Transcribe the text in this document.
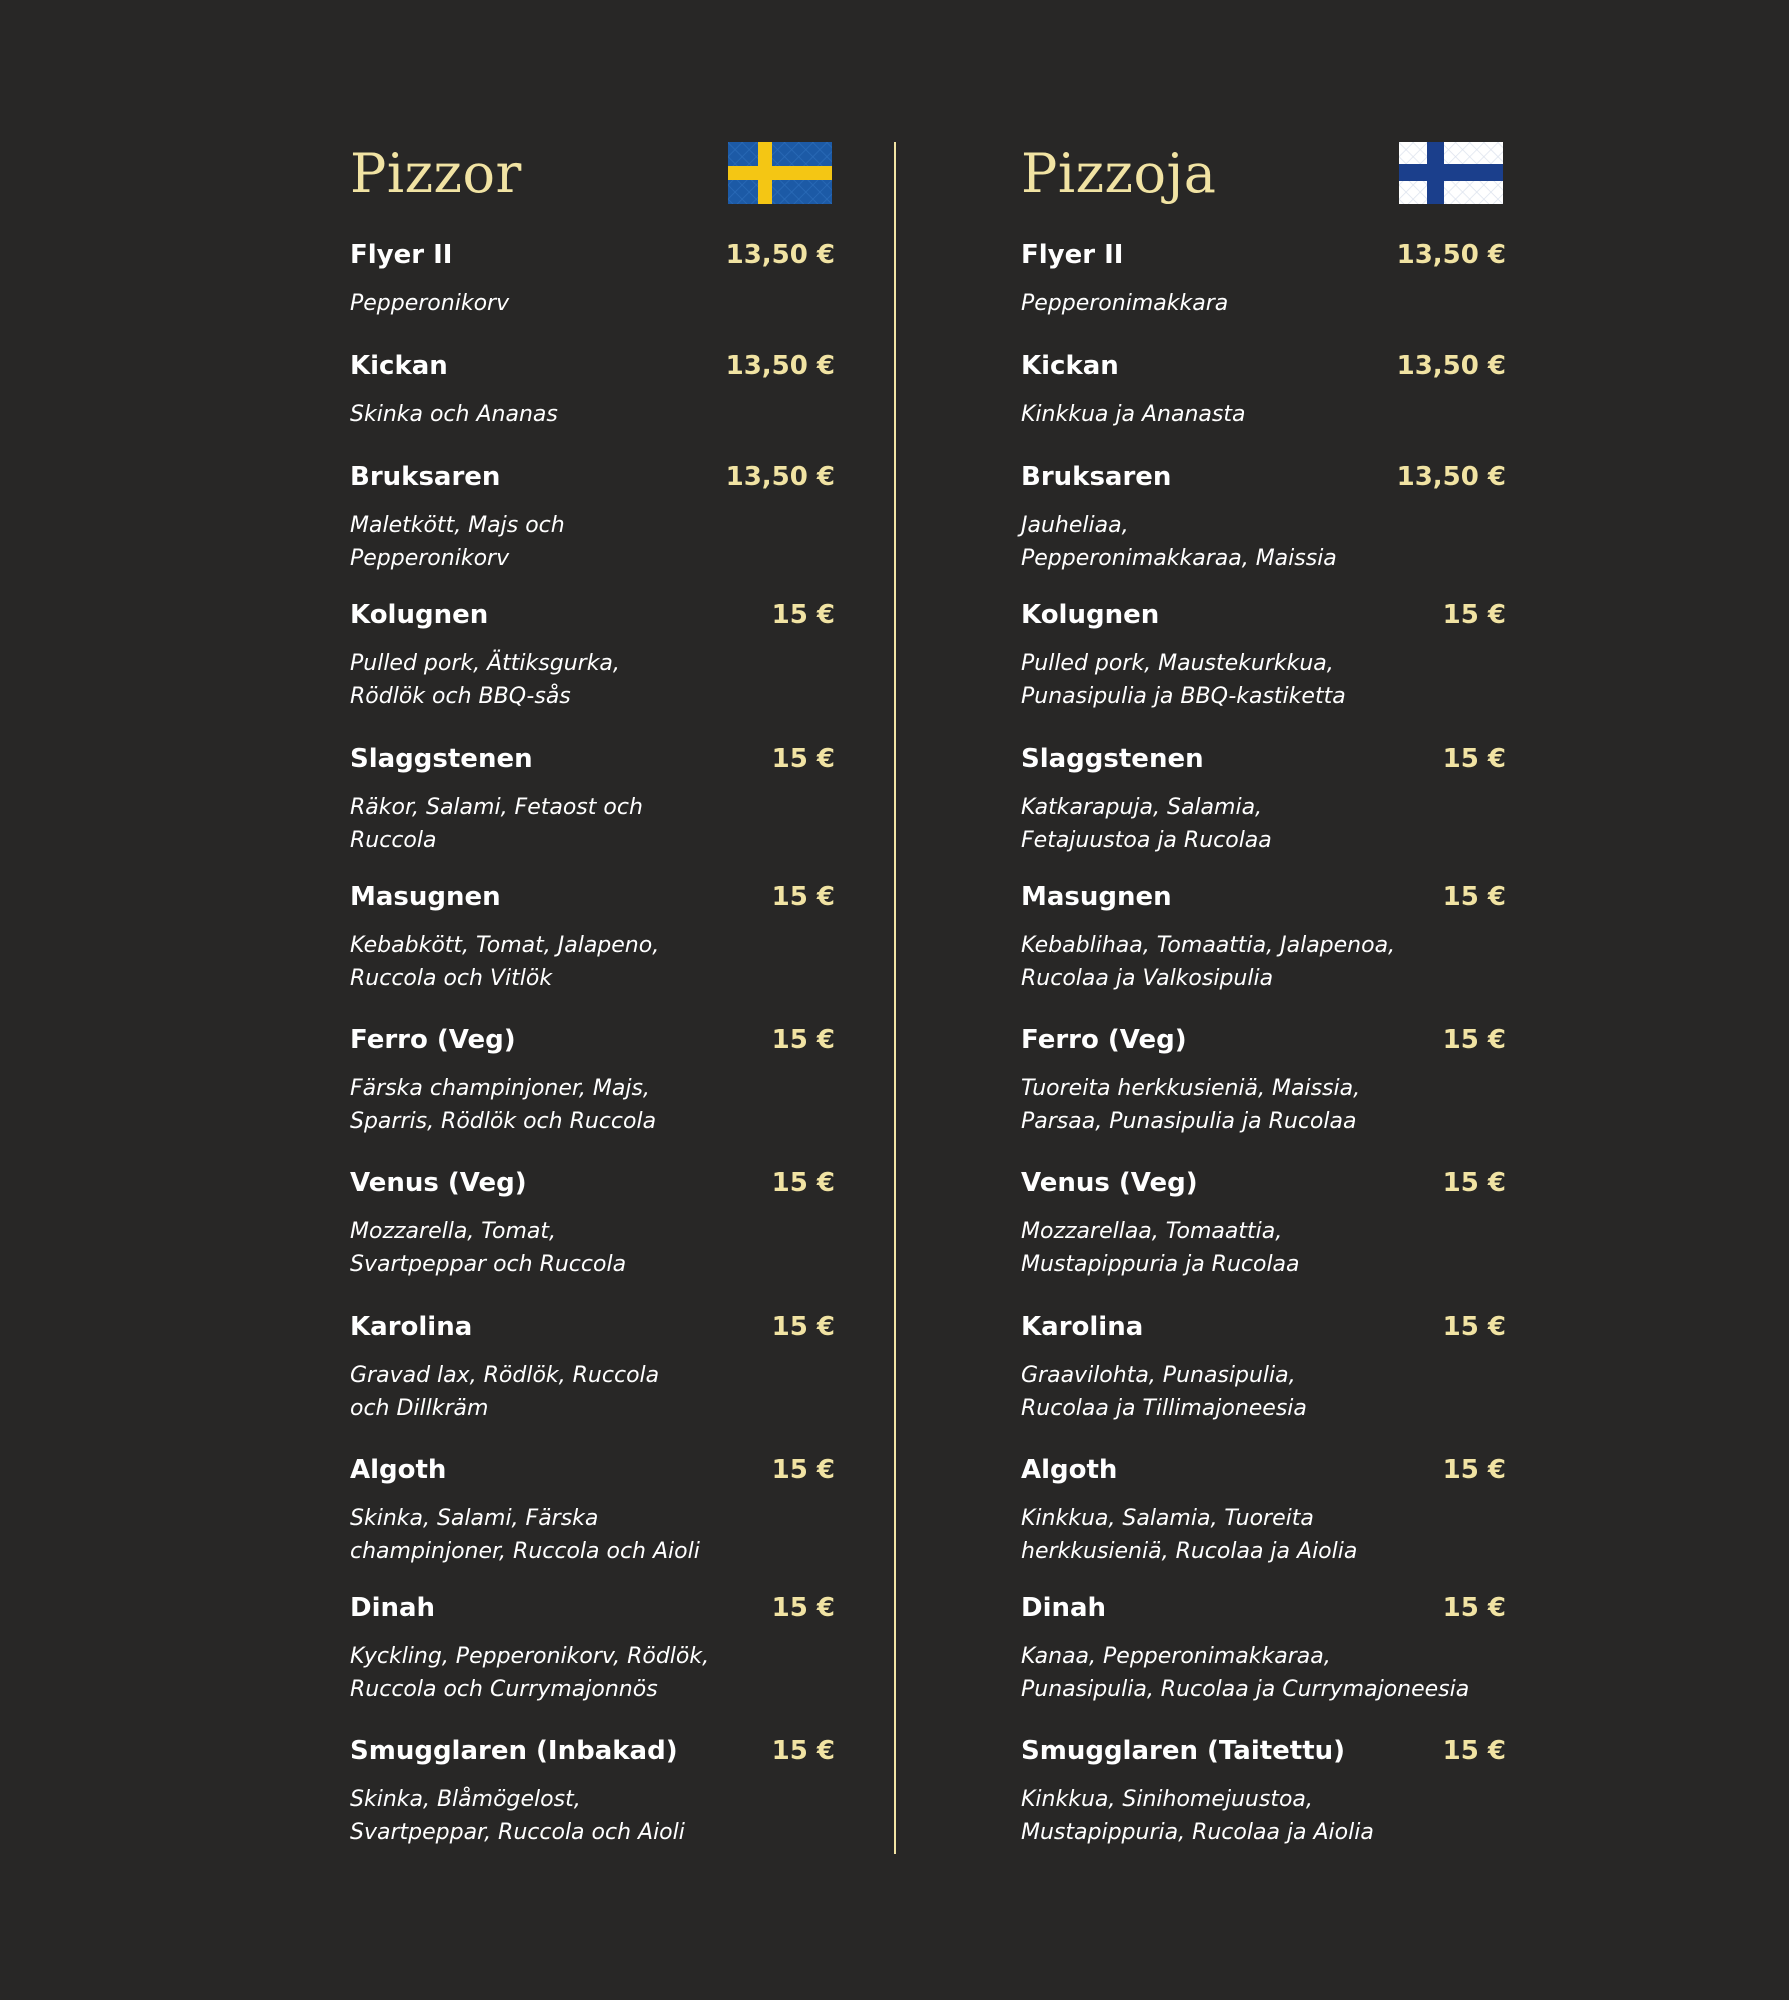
Pizzor
Flyer II	13,50 €
Pepperonikorv
Kickan	13,50 €
Skinka och Ananas
Bruksaren	13,50 €
Maletkött, Majs och
Pepperonikorv
Kolugnen	15 €
Pulled pork, Ättiksgurka,
Rödlök och BBQ-sås
Slaggstenen	15 €
Räkor, Salami, Fetaost och
Ruccola
Masugnen	15 €
Kebabkött, Tomat, Jalapeno,
Ruccola och Vitlök
Ferro (Veg)	15 €
Färska champinjoner, Majs,
Sparris, Rödlök och Ruccola
Venus (Veg)	15 €
Mozzarella, Tomat,
Svartpeppar och Ruccola
Karolina	15 €
Gravad lax, Rödlök, Ruccola
och Dillkräm
Algoth	15 €
Skinka, Salami, Färska
champinjoner, Ruccola och Aioli
Dinah	15 €
Kyckling, Pepperonikorv, Rödlök,
Ruccola och Currymajonnös
Smugglaren (Inbakad)	15 €
Skinka, Blåmögelost,
Svartpeppar, Ruccola och Aioli
Pizzoja
Flyer II	13,50 €
Pepperonimakkara
Kickan	13,50 €
Kinkkua ja Ananasta
Bruksaren	13,50 €
Jauheliaa,
Pepperonimakkaraa, Maissia
Kolugnen	15 €
Pulled pork, Maustekurkkua,
Punasipulia ja BBQ-kastiketta
Slaggstenen	15 €
Katkarapuja, Salamia,
Fetajuustoa ja Rucolaa
Masugnen	15 €
Kebablihaa, Tomaattia, Jalapenoa,
Rucolaa ja Valkosipulia
Ferro (Veg)	15 €
Tuoreita herkkusieniä, Maissia,
Parsaa, Punasipulia ja Rucolaa
Venus (Veg)	15 €
Mozzarellaa, Tomaattia,
Mustapippuria ja Rucolaa
Karolina	15 €
Graavilohta, Punasipulia,
Rucolaa ja Tillimajoneesia
Algoth	15 €
Kinkkua, Salamia, Tuoreita
herkkusieniä, Rucolaa ja Aiolia
Dinah	15 €
Kanaa, Pepperonimakkaraa,
Punasipulia, Rucolaa ja Currymajoneesia
Smugglaren (Taitettu)	15 €
Kinkkua, Sinihomejuustoa,
Mustapippuria, Rucolaa ja Aiolia
